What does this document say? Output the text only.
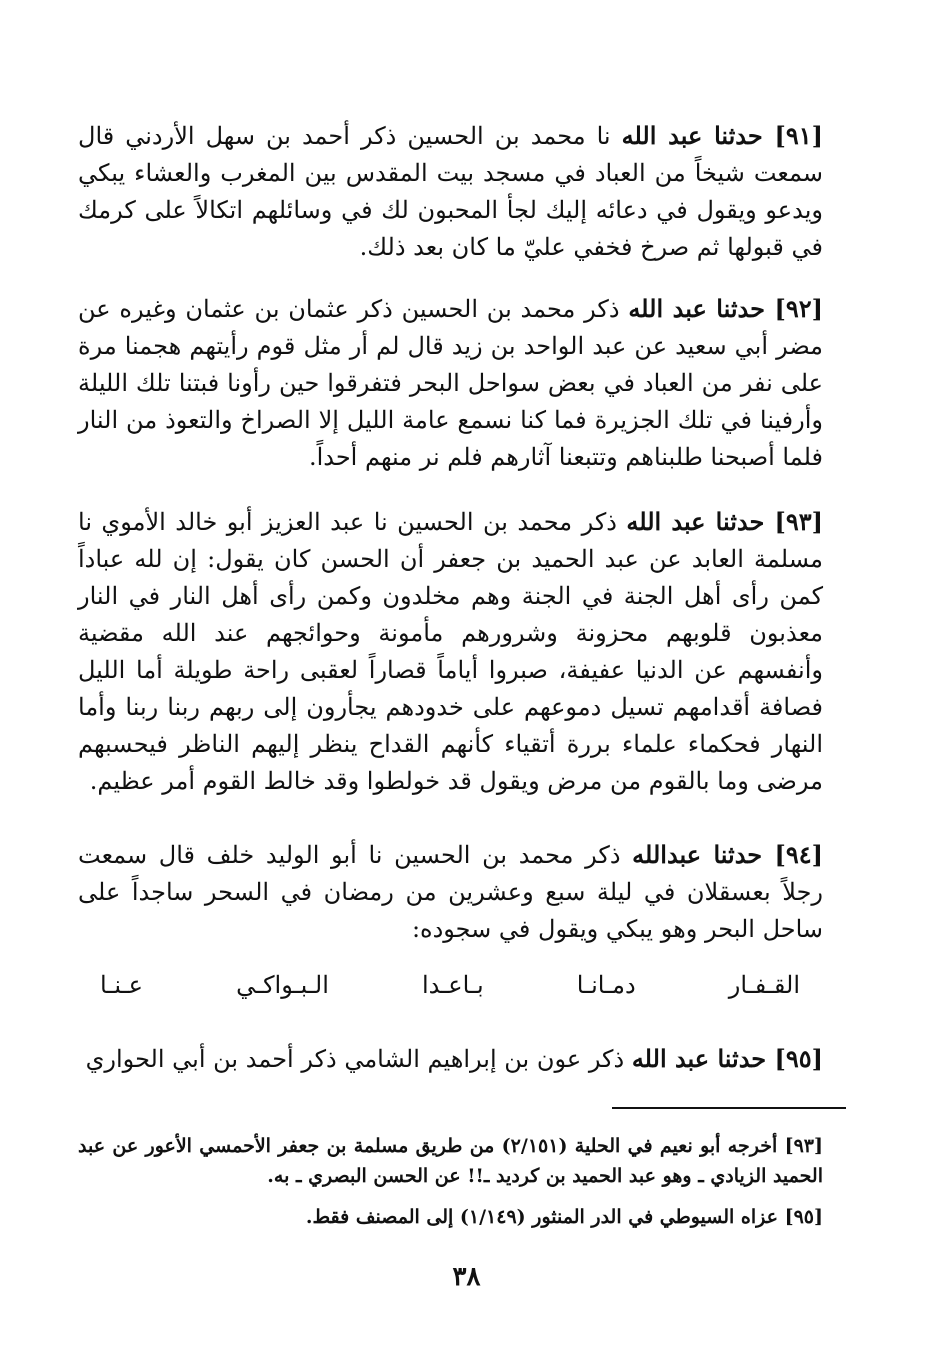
[٩١] حدثنا عبد الله نا محمد بن الحسين ذكر أحمد بن سهل الأردني قال سمعت شيخاً من العباد في مسجد بيت المقدس بين المغرب والعشاء يبكي ويدعو ويقول في دعائه إليك لجأ المحبون لك في وسائلهم اتكالاً على كرمك في قبولها ثم صرخ فخفي عليّ ما كان بعد ذلك.
[٩٢] حدثنا عبد الله ذكر محمد بن الحسين ذكر عثمان بن عثمان وغيره عن مضر أبي سعيد عن عبد الواحد بن زيد قال لم أر مثل قوم رأيتهم هجمنا مرة على نفر من العباد في بعض سواحل البحر فتفرقوا حين رأونا فبتنا تلك الليلة وأرفينا في تلك الجزيرة فما كنا نسمع عامة الليل إلا الصراخ والتعوذ من النار فلما أصبحنا طلبناهم وتتبعنا آثارهم فلم نر منهم أحداً.
[٩٣] حدثنا عبد الله ذكر محمد بن الحسين نا عبد العزيز أبو خالد الأموي نا مسلمة العابد عن عبد الحميد بن جعفر أن الحسن كان يقول: إن لله عباداً كمن رأى أهل الجنة في الجنة وهم مخلدون وكمن رأى أهل النار في النار معذبون قلوبهم محزونة وشرورهم مأمونة وحوائجهم عند الله مقضية وأنفسهم عن الدنيا عفيفة، صبروا أياماً قصاراً لعقبى راحة طويلة أما الليل فصافة أقدامهم تسيل دموعهم على خدودهم يجأرون إلى ربهم ربنا ربنا وأما النهار فحكماء علماء بررة أتقياء كأنهم القداح ينظر إليهم الناظر فيحسبهم مرضى وما بالقوم من مرض ويقول قد خولطوا وقد خالط القوم أمر عظيم.
[٩٤] حدثنا عبدالله ذكر محمد بن الحسين نا أبو الوليد خلف قال سمعت رجلاً بعسقلان في ليلة سبع وعشرين من رمضان في السحر ساجداً على ساحل البحر وهو يبكي ويقول في سجوده:
القـفـار
دمـانـا
بـاعـدا
الـبـواكـي
عـنـا
[٩٥] حدثنا عبد الله ذكر عون بن إبراهيم الشامي ذكر أحمد بن أبي الحواري
[٩٣] أخرجه أبو نعيم في الحلية (٢/١٥١) من طريق مسلمة بن جعفر الأحمسي الأعور عن عبد الحميد الزيادي ـ وهو عبد الحميد بن كرديد ـ!! عن الحسن البصري ـ به.
[٩٥] عزاه السيوطي في الدر المنثور (١/١٤٩) إلى المصنف فقط.
٣٨
